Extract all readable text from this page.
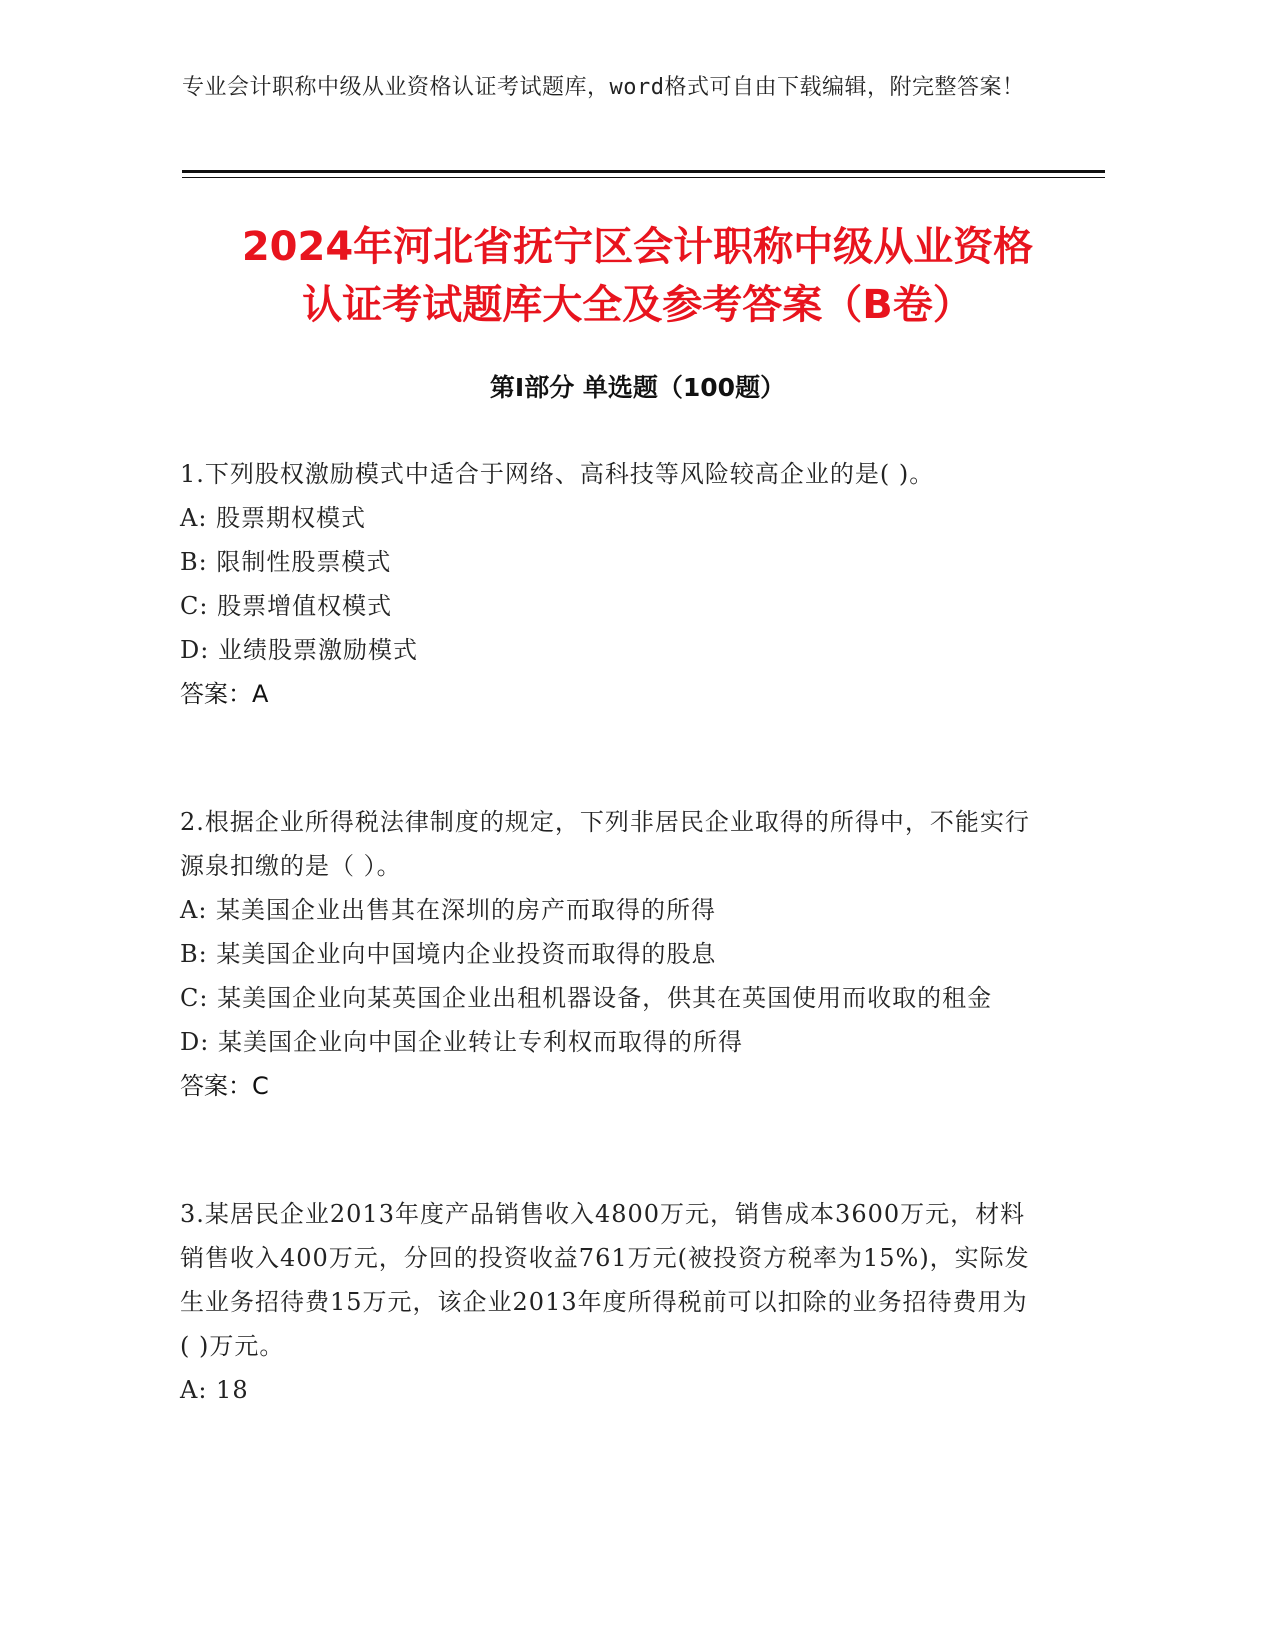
专业会计职称中级从业资格认证考试题库，word格式可自由下载编辑，附完整答案！
2024年河北省抚宁区会计职称中级从业资格
认证考试题库大全及参考答案（B卷）
第Ⅰ部分 单选题（100题）
1.下列股权激励模式中适合于网络、高科技等风险较高企业的是( )。
A: 股票期权模式
B: 限制性股票模式
C: 股票增值权模式
D: 业绩股票激励模式
答案：A
2.根据企业所得税法律制度的规定，下列非居民企业取得的所得中，不能实行源泉扣缴的是（ ）。
A: 某美国企业出售其在深圳的房产而取得的所得
B: 某美国企业向中国境内企业投资而取得的股息
C: 某美国企业向某英国企业出租机器设备，供其在英国使用而收取的租金
D: 某美国企业向中国企业转让专利权而取得的所得
答案：C
3.某居民企业2013年度产品销售收入4800万元，销售成本3600万元，材料销售收入400万元，分回的投资收益761万元(被投资方税率为15%)，实际发生业务招待费15万元，该企业2013年度所得税前可以扣除的业务招待费用为( )万元。
A: 18
